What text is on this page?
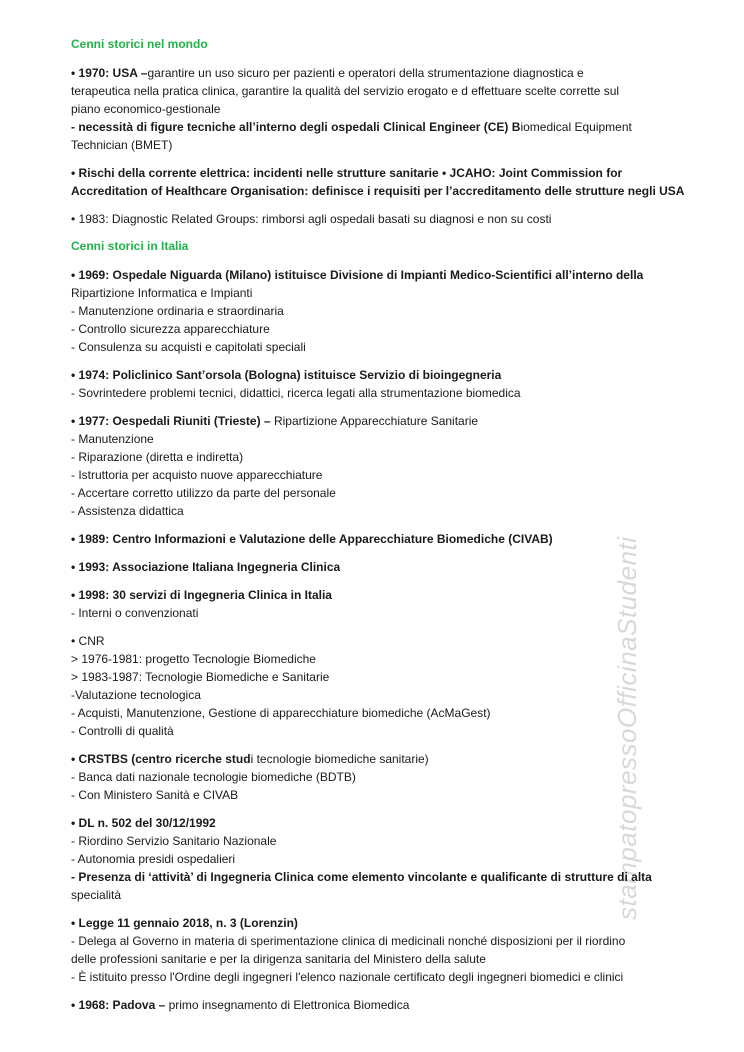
stampatopressoOfficinaStudenti
Cenni storici nel mondo
• 1970: USA –garantire un uso sicuro per pazienti e operatori della strumentazione diagnostica e
terapeutica nella pratica clinica, garantire la qualità del servizio erogato e d effettuare scelte corrette sul
piano economico-gestionale
- necessità di figure tecniche all’interno degli ospedali Clinical Engineer (CE) Biomedical Equipment
Technician (BMET)
• Rischi della corrente elettrica: incidenti nelle strutture sanitarie • JCAHO: Joint Commission for
Accreditation of Healthcare Organisation: definisce i requisiti per l’accreditamento delle strutture negli USA
• 1983: Diagnostic Related Groups: rimborsi agli ospedali basati su diagnosi e non su costi
Cenni storici in Italia
• 1969: Ospedale Niguarda (Milano) istituisce Divisione di Impianti Medico-Scientifici all’interno della
Ripartizione Informatica e Impianti
- Manutenzione ordinaria e straordinaria
- Controllo sicurezza apparecchiature
- Consulenza su acquisti e capitolati speciali
• 1974: Policlinico Sant’orsola (Bologna) istituisce Servizio di bioingegneria
- Sovrintedere problemi tecnici, didattici, ricerca legati alla strumentazione biomedica
• 1977: Oespedali Riuniti (Trieste) – Ripartizione Apparecchiature Sanitarie
- Manutenzione
- Riparazione (diretta e indiretta)
- Istruttoria per acquisto nuove apparecchiature
- Accertare corretto utilizzo da parte del personale
- Assistenza didattica
• 1989: Centro Informazioni e Valutazione delle Apparecchiature Biomediche (CIVAB)
• 1993: Associazione Italiana Ingegneria Clinica
• 1998: 30 servizi di Ingegneria Clinica in Italia
- Interni o convenzionati
• CNR
> 1976-1981: progetto Tecnologie Biomediche
> 1983-1987: Tecnologie Biomediche e Sanitarie
-Valutazione tecnologica
- Acquisti, Manutenzione, Gestione di apparecchiature biomediche (AcMaGest)
- Controlli di qualità
• CRSTBS (centro ricerche studi tecnologie biomediche sanitarie)
- Banca dati nazionale tecnologie biomediche (BDTB)
- Con Ministero Sanità e CIVAB
• DL n. 502 del 30/12/1992
- Riordino Servizio Sanitario Nazionale
- Autonomia presidi ospedalieri
- Presenza di ‘attività’ di Ingegneria Clinica come elemento vincolante e qualificante di strutture di alta
specialità
• Legge 11 gennaio 2018, n. 3 (Lorenzin)
- Delega al Governo in materia di sperimentazione clinica di medicinali nonché disposizioni per il riordino
delle professioni sanitarie e per la dirigenza sanitaria del Ministero della salute
- È istituito presso l'Ordine degli ingegneri l'elenco nazionale certificato degli ingegneri biomedici e clinici
• 1968: Padova – primo insegnamento di Elettronica Biomedica
